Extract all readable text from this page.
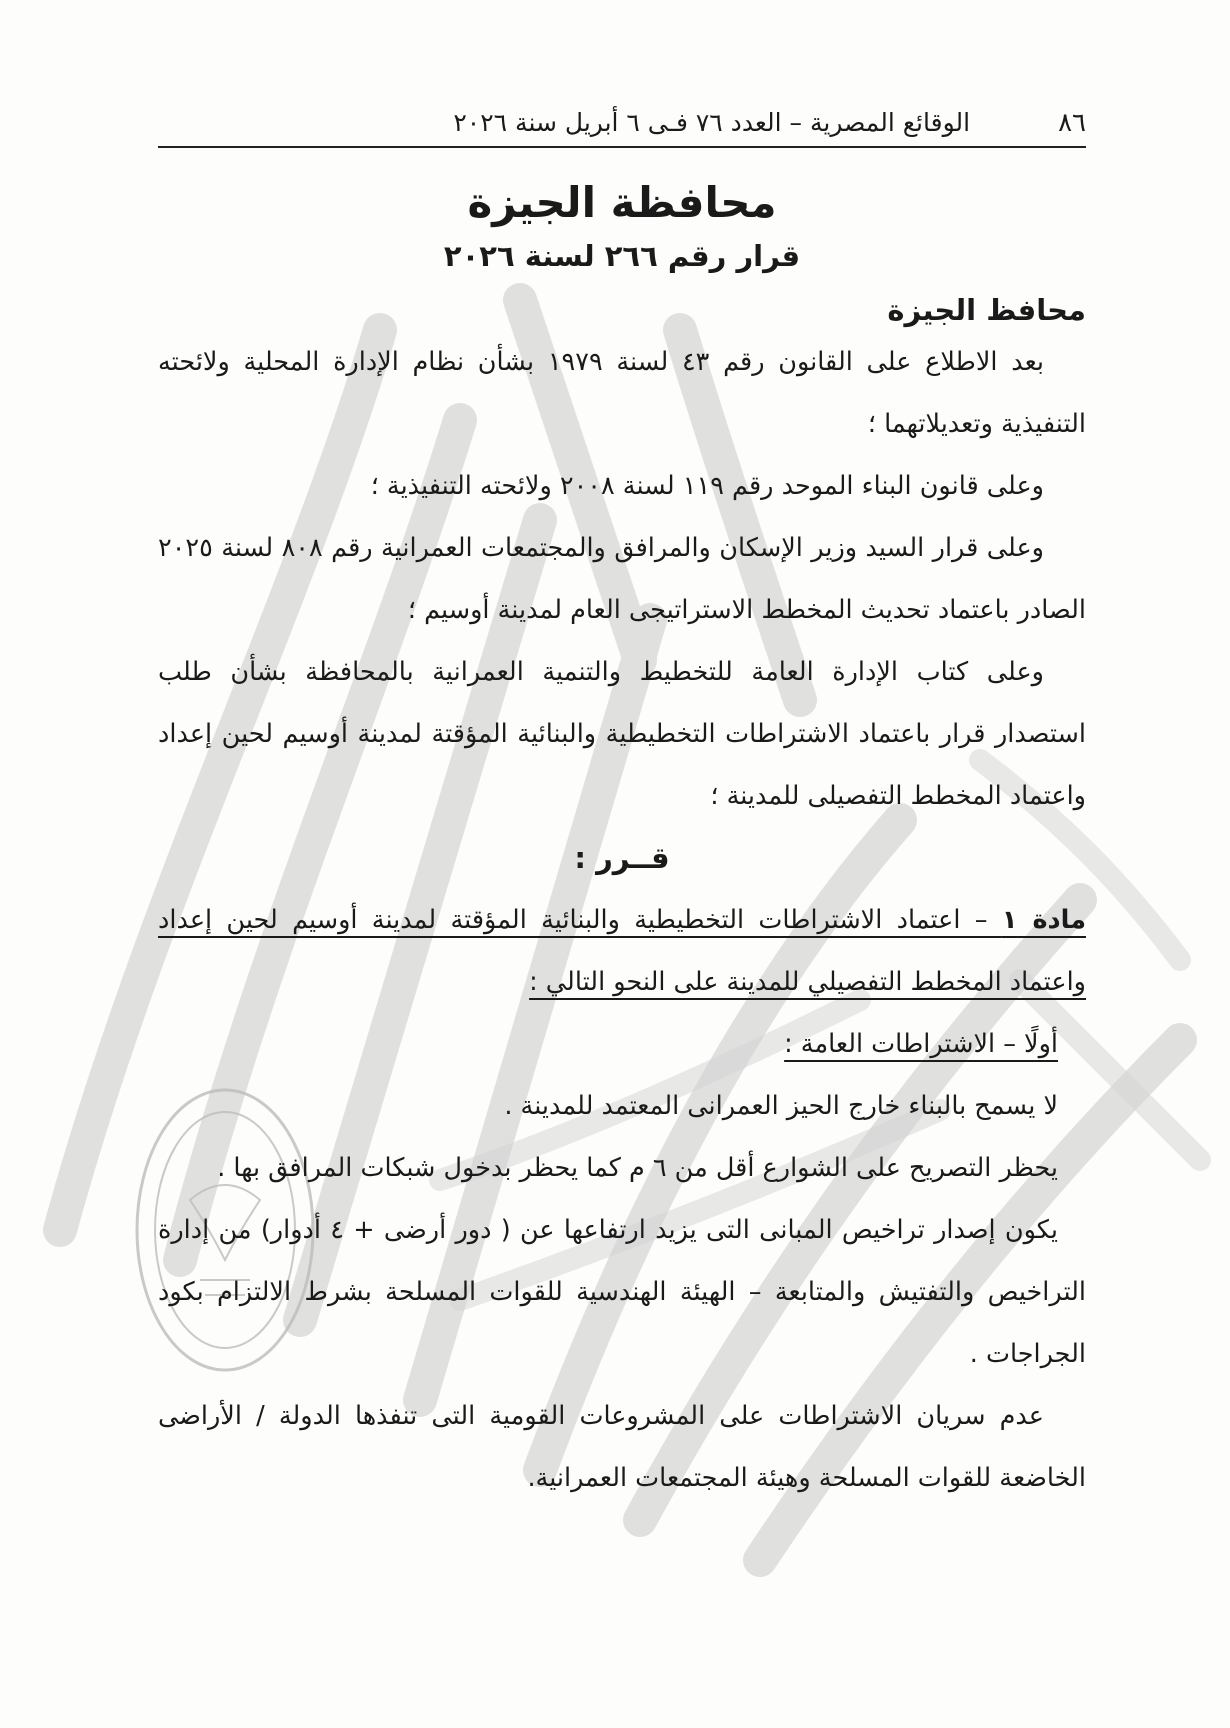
٨٦
الوقائع المصرية – العدد ٧٦ فـى ٦ أبريل سنة ٢٠٢٦
محافظة الجيزة
قرار رقم ٢٦٦ لسنة ٢٠٢٦
محافظ الجيزة

بعد الاطلاع على القانون رقم ٤٣ لسنة ١٩٧٩ بشأن نظام الإدارة المحلية ولائحته التنفيذية وتعديلاتهما ؛

وعلى قانون البناء الموحد رقم ١١٩ لسنة ٢٠٠٨ ولائحته التنفيذية ؛

وعلى قرار السيد وزير الإسكان والمرافق والمجتمعات العمرانية رقم ٨٠٨ لسنة ٢٠٢٥ الصادر باعتماد تحديث المخطط الاستراتيجى العام لمدينة أوسيم ؛

وعلى كتاب الإدارة العامة للتخطيط والتنمية العمرانية بالمحافظة بشأن طلب استصدار قرار باعتماد الاشتراطات التخطيطية والبنائية المؤقتة لمدينة أوسيم لحين إعداد واعتماد المخطط التفصيلى للمدينة ؛

قــرر :

مادة ١ – اعتماد الاشتراطات التخطيطية والبنائية المؤقتة لمدينة أوسيم لحين إعداد واعتماد المخطط التفصيلي للمدينة على النحو التالي :

أولًا – الاشتراطات العامة :

لا يسمح بالبناء خارج الحيز العمرانى المعتمد للمدينة .

يحظر التصريح على الشوارع أقل من ٦ م كما يحظر بدخول شبكات المرافق بها .

يكون إصدار تراخيص المبانى التى يزيد ارتفاعها عن ( دور أرضى + ٤ أدوار) من إدارة التراخيص والتفتيش والمتابعة – الهيئة الهندسية للقوات المسلحة بشرط الالتزام بكود الجراجات .

عدم سريان الاشتراطات على المشروعات القومية التى تنفذها الدولة / الأراضى الخاضعة للقوات المسلحة وهيئة المجتمعات العمرانية.
